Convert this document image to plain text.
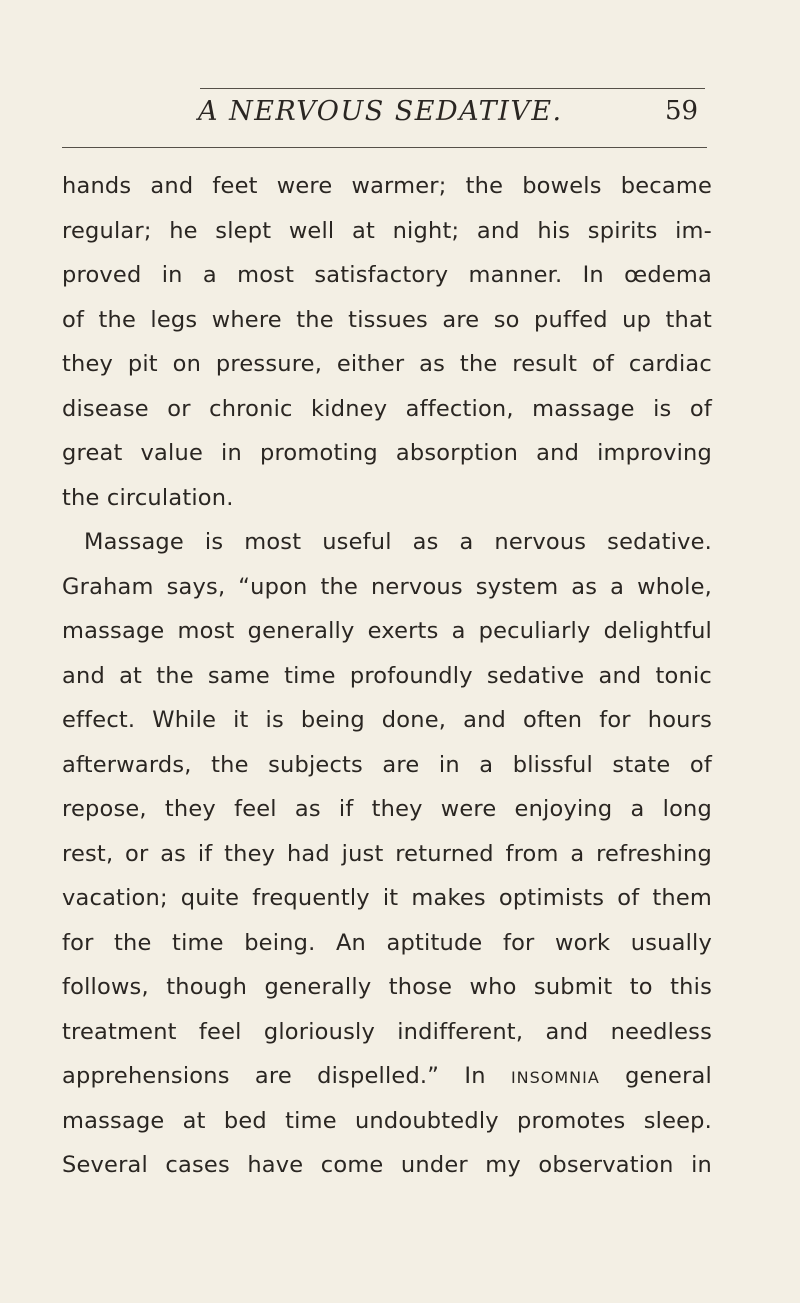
A NERVOUS SEDATIVE.	59
hands and feet were warmer; the bowels became
regular; he slept well at night; and his spirits im-
proved in a most satisfactory manner. In œdema
of the legs where the tissues are so puffed up that
they pit on pressure, either as the result of cardiac
disease or chronic kidney affection, massage is of
great value in promoting absorption and improving
the circulation.
Massage is most useful as a nervous sedative.
Graham says, “upon the nervous system as a whole,
massage most generally exerts a peculiarly delightful
and at the same time profoundly sedative and tonic
effect. While it is being done, and often for hours
afterwards, the subjects are in a blissful state of
repose, they feel as if they were enjoying a long
rest, or as if they had just returned from a refreshing
vacation; quite frequently it makes optimists of them
for the time being. An aptitude for work usually
follows, though generally those who submit to this
treatment feel gloriously indifferent, and needless
apprehensions are dispelled.” In insomnia general
massage at bed time undoubtedly promotes sleep.
Several cases have come under my observation in
